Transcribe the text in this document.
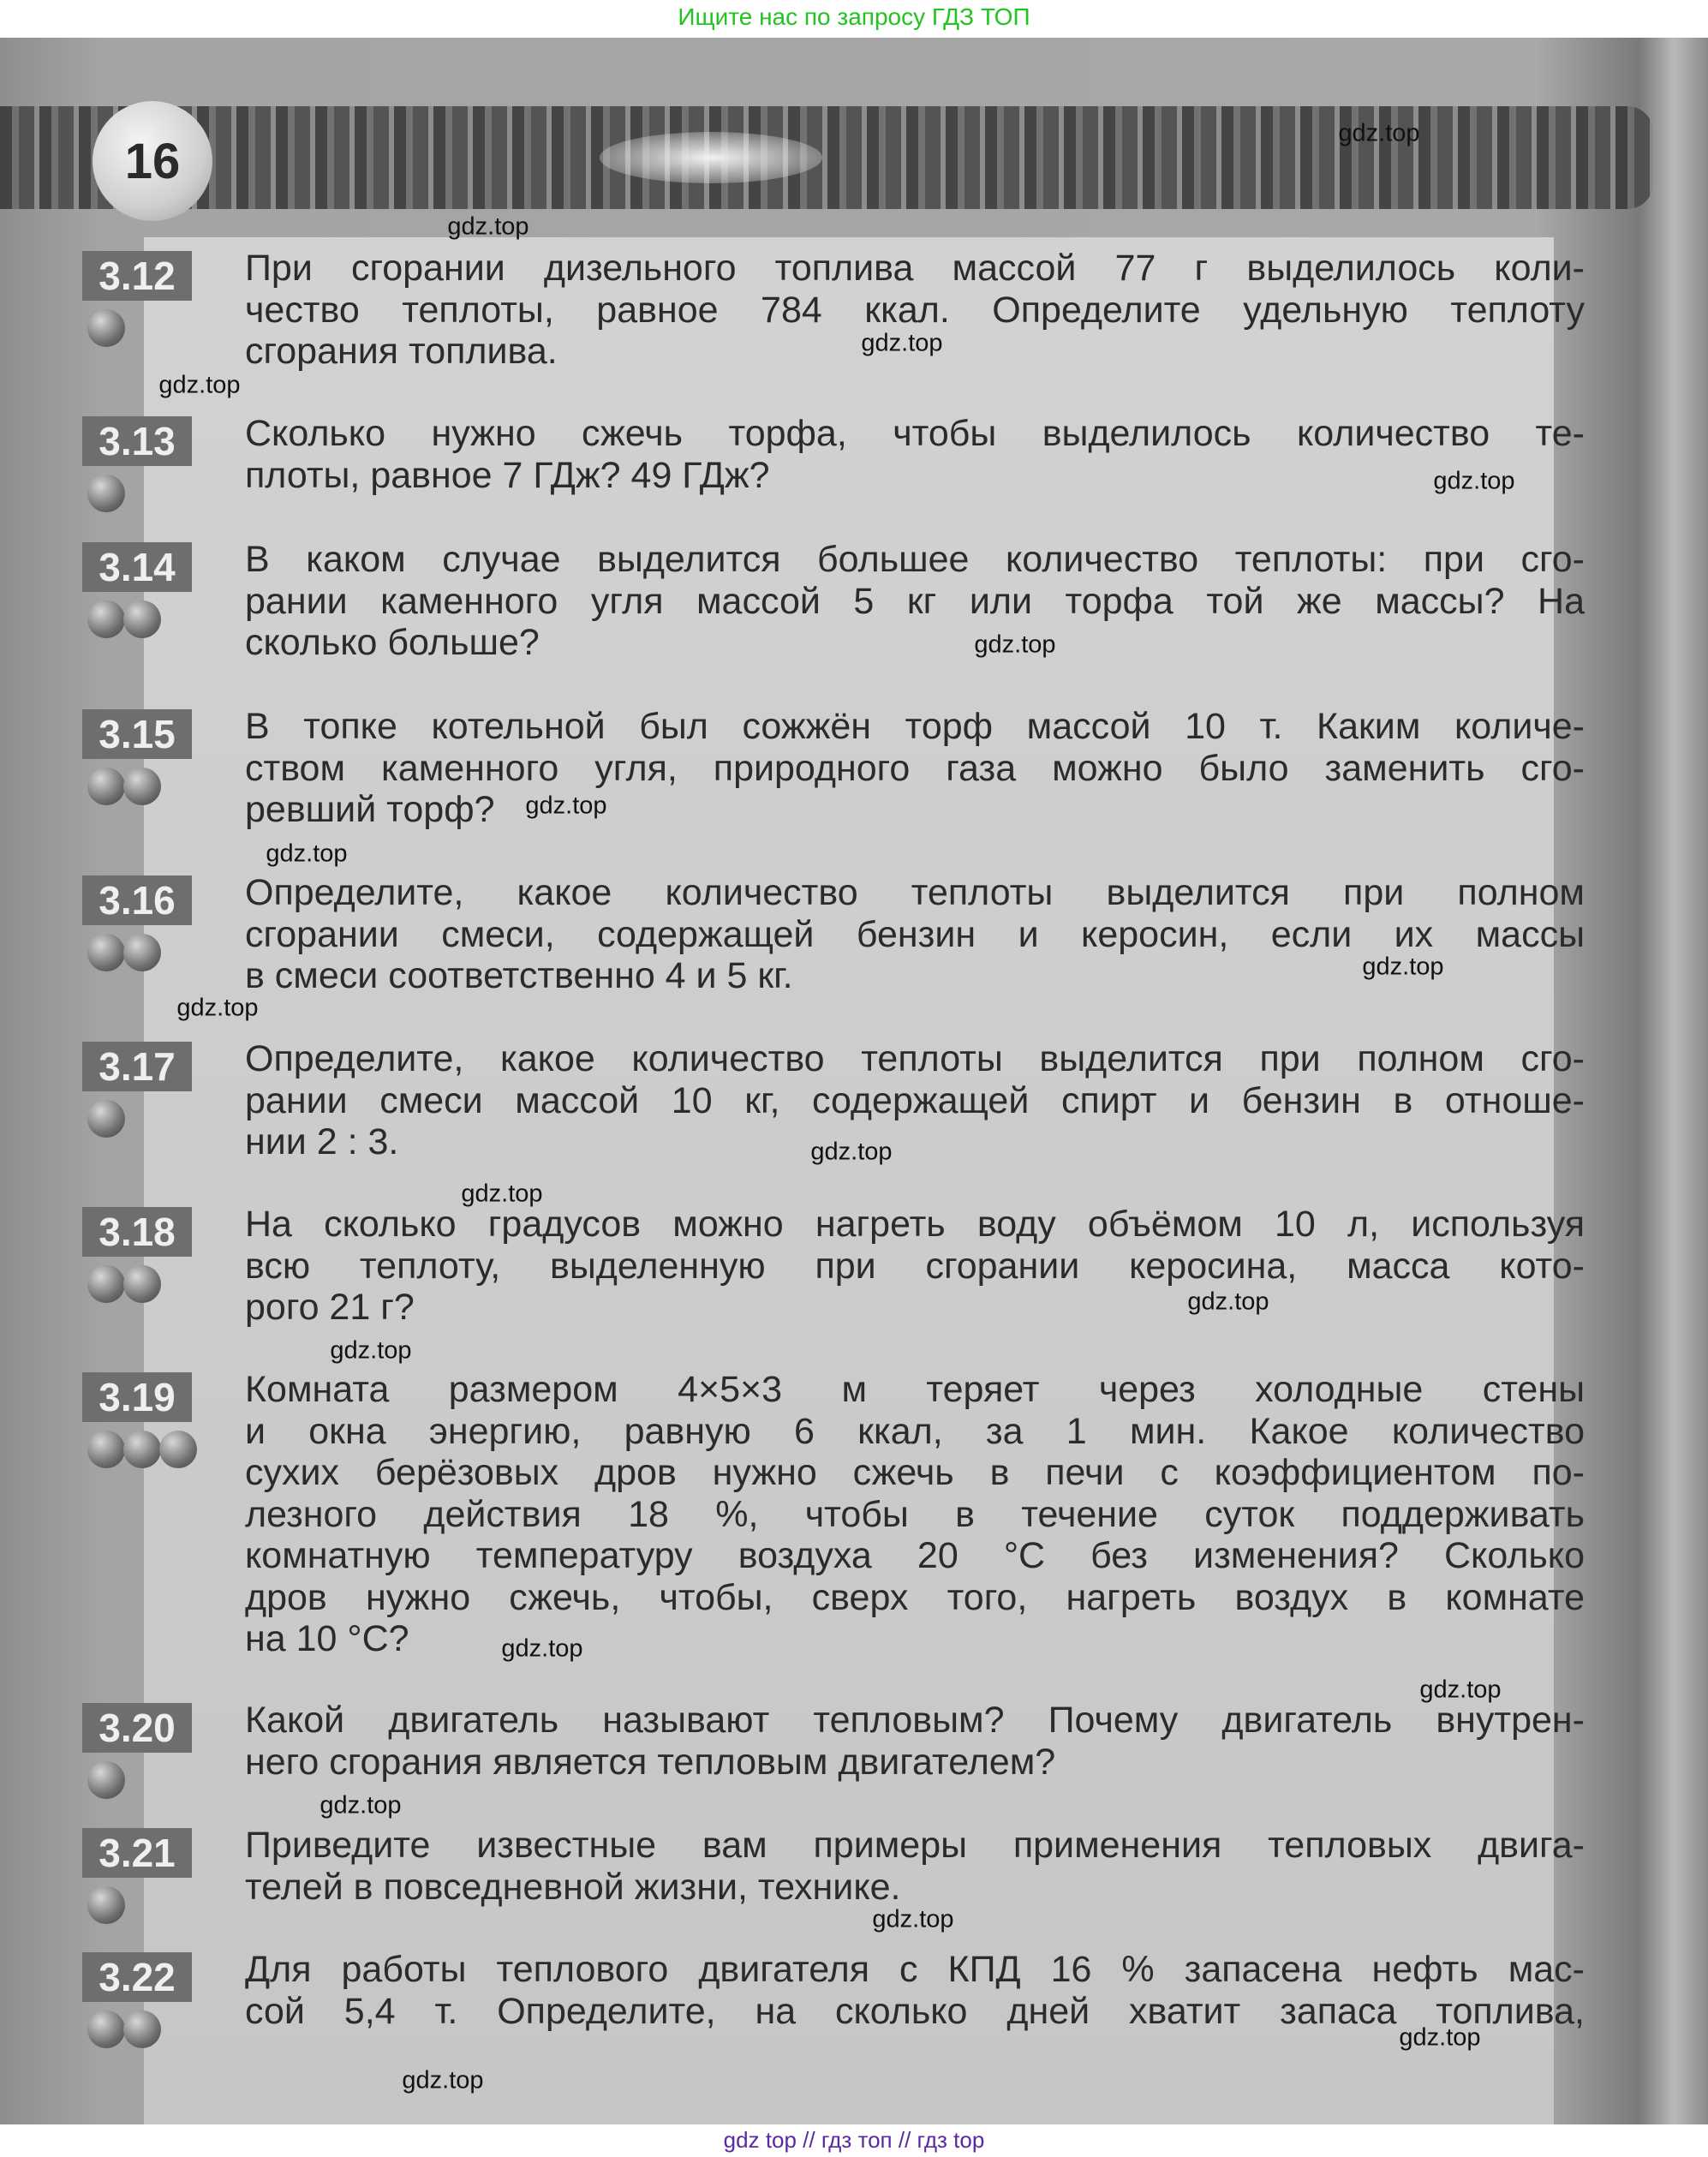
Ищите нас по запросу ГДЗ ТОП
16
3.12	При сгорании дизельного топлива массой 77 г выделилось коли-
чество теплоты, равное 784 ккал. Определите удельную теплоту
сгорания топлива.
3.13	Сколько нужно сжечь торфа, чтобы выделилось количество те-
плоты, равное 7 ГДж? 49 ГДж?
3.14	В каком случае выделится большее количество теплоты: при сго-
рании каменного угля массой 5 кг или торфа той же массы? На
сколько больше?
3.15	В топке котельной был сожжён торф массой 10 т. Каким количе-
ством каменного угля, природного газа можно было заменить сго-
ревший торф?
3.16	Определите, какое количество теплоты выделится при полном
сгорании смеси, содержащей бензин и керосин, если их массы
в смеси соответственно 4 и 5 кг.
3.17	Определите, какое количество теплоты выделится при полном сго-
рании смеси массой 10 кг, содержащей спирт и бензин в отноше-
нии 2 : 3.
3.18	На сколько градусов можно нагреть воду объёмом 10 л, используя
всю теплоту, выделенную при сгорании керосина, масса кото-
рого 21 г?
3.19	Комната размером 4×5×3 м теряет через холодные стены
и окна энергию, равную 6 ккал, за 1 мин. Какое количество
сухих берёзовых дров нужно сжечь в печи с коэффициентом по-
лезного действия 18 %, чтобы в течение суток поддерживать
комнатную температуру воздуха 20 °С без изменения? Сколько
дров нужно сжечь, чтобы, сверх того, нагреть воздух в комнате
на 10 °С?
3.20	Какой двигатель называют тепловым? Почему двигатель внутрен-
него сгорания является тепловым двигателем?
3.21	Приведите известные вам примеры применения тепловых двига-
телей в повседневной жизни, технике.
3.22	Для работы теплового двигателя с КПД 16 % запасена нефть мас-
сой 5,4 т. Определите, на сколько дней хватит запаса топлива,
gdz.top
gdz.top
gdz.top
gdz.top
gdz.top
gdz.top
gdz.top
gdz.top
gdz.top
gdz.top
gdz.top
gdz.top
gdz.top
gdz.top
gdz.top
gdz.top
gdz.top
gdz.top
gdz.top
gdz.top
gdz top // гдз топ // гдз top
